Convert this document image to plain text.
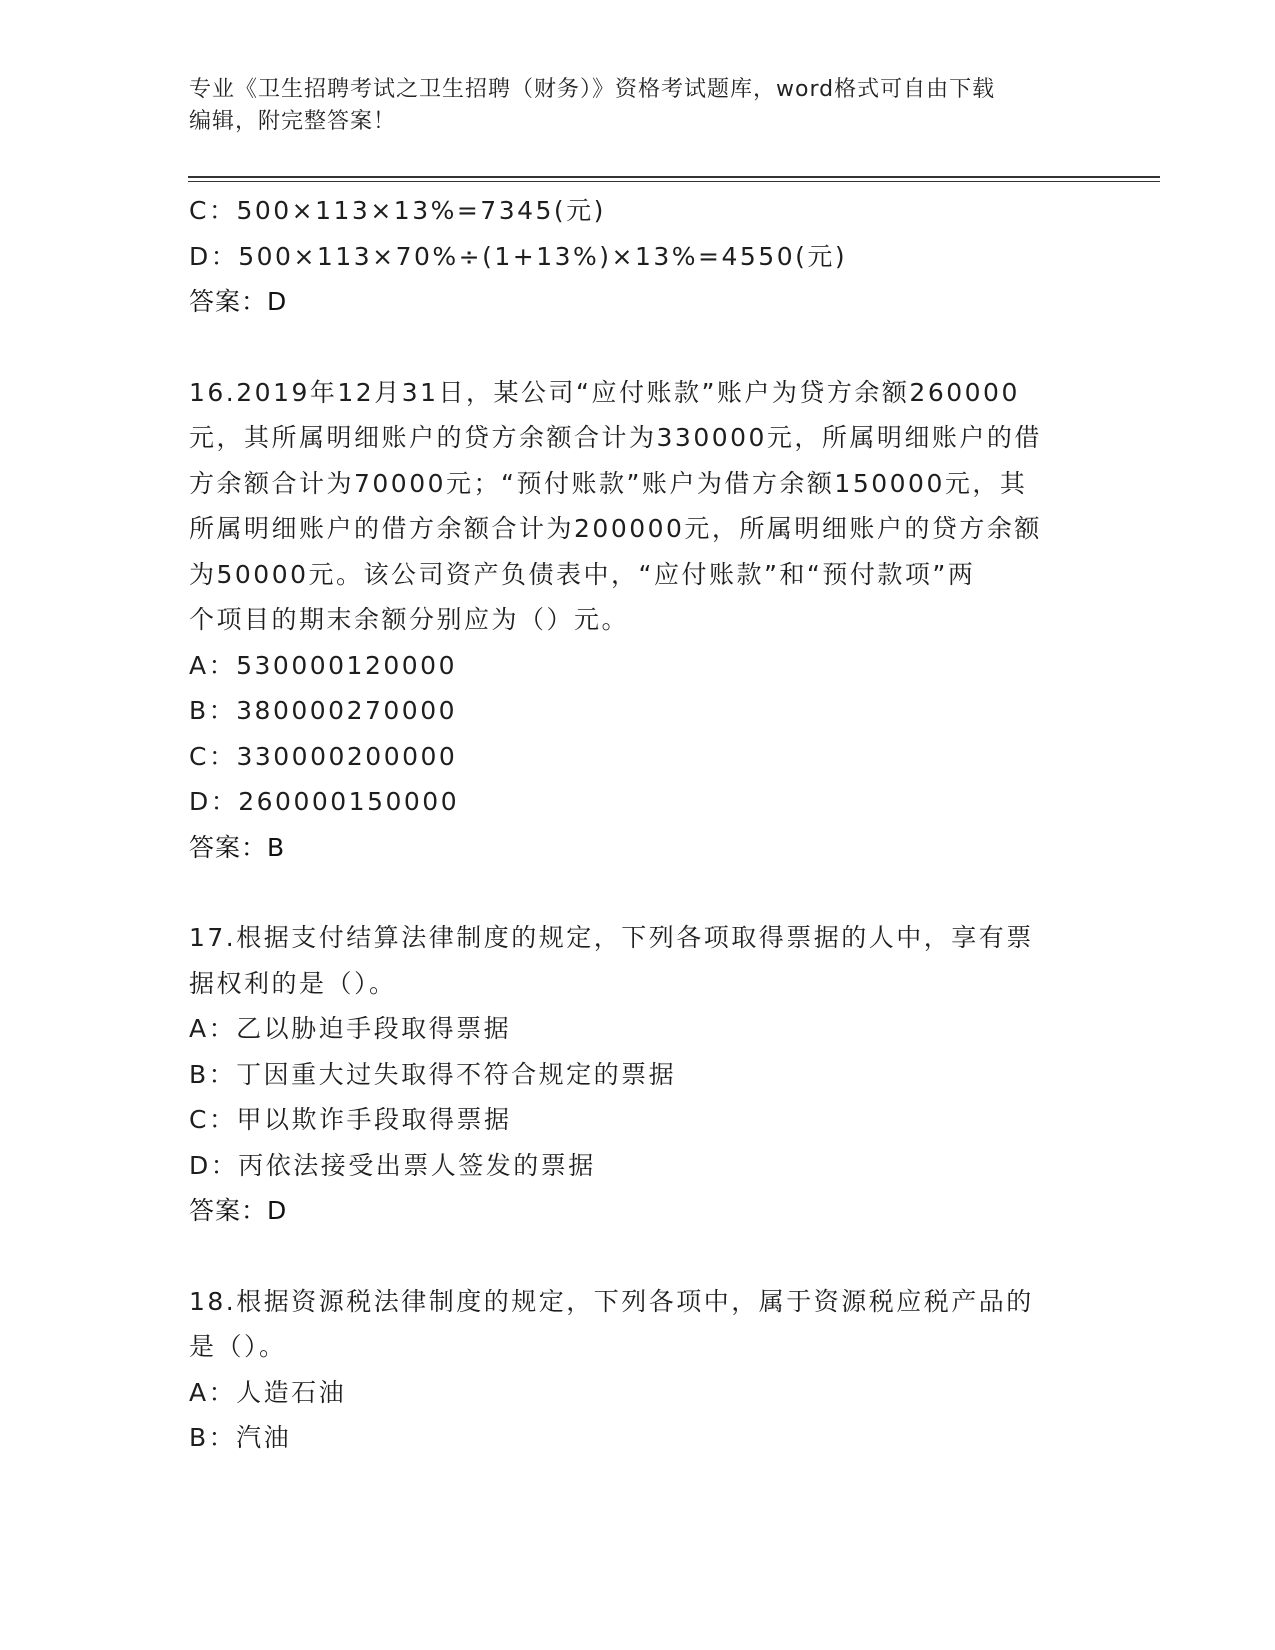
专业《卫生招聘考试之卫生招聘（财务）》资格考试题库，word格式可自由下载
编辑，附完整答案！

C：500×113×13%=7345(元)

D：500×113×70%÷(1+13%)×13%=4550(元)

答案：D

16.2019年12月31日，某公司“应付账款”账户为贷方余额260000

元，其所属明细账户的贷方余额合计为330000元，所属明细账户的借

方余额合计为70000元；“预付账款”账户为借方余额150000元，其

所属明细账户的借方余额合计为200000元，所属明细账户的贷方余额

为50000元。该公司资产负债表中，“应付账款”和“预付款项”两

个项目的期末余额分别应为（）元。

A：530000120000

B：380000270000

C：330000200000

D：260000150000

答案：B

17.根据支付结算法律制度的规定，下列各项取得票据的人中，享有票

据权利的是（）。

A：乙以胁迫手段取得票据

B：丁因重大过失取得不符合规定的票据

C：甲以欺诈手段取得票据

D：丙依法接受出票人签发的票据

答案：D

18.根据资源税法律制度的规定，下列各项中，属于资源税应税产品的

是（）。

A：人造石油

B：汽油
